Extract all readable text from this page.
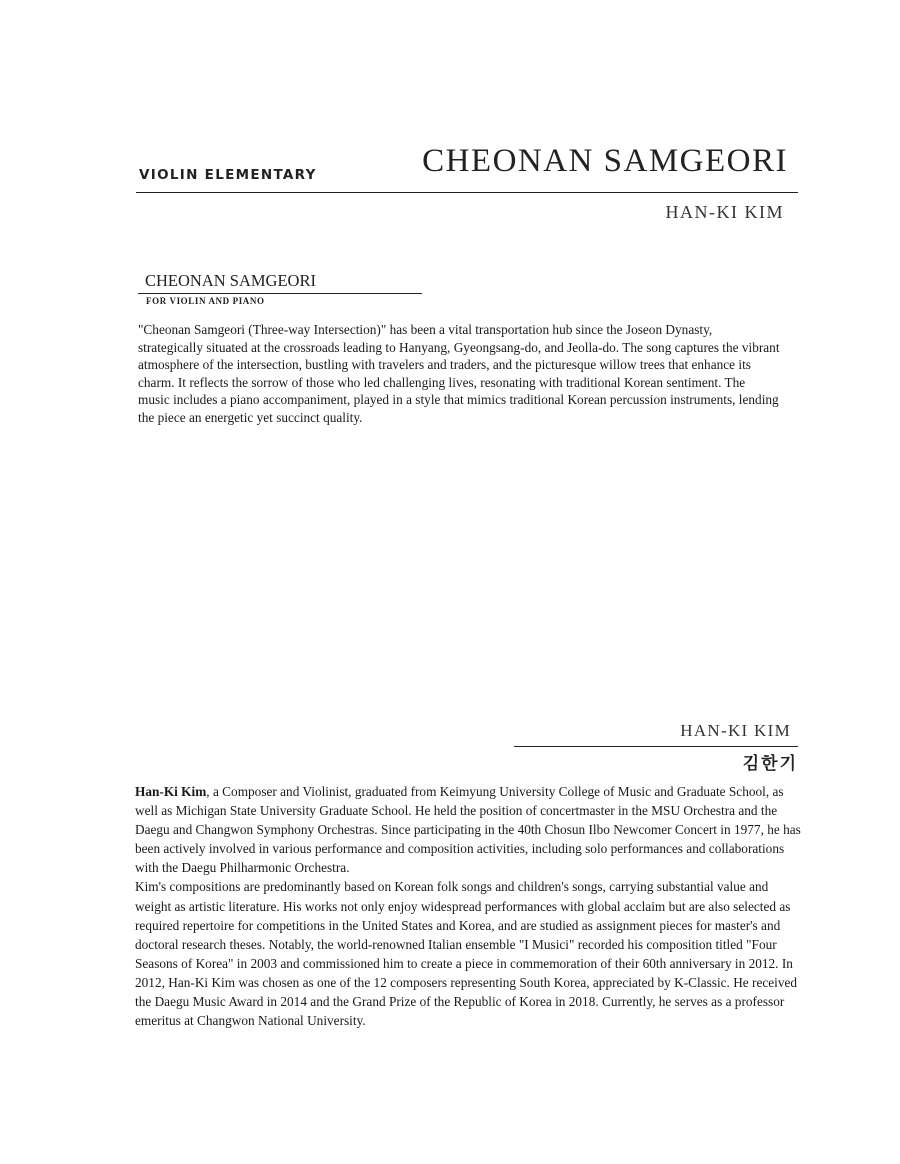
VIOLIN ELEMENTARY	CHEONAN SAMGEORI
HAN-KI KIM
CHEONAN SAMGEORI
FOR VIOLIN AND PIANO

"Cheonan Samgeori (Three-way Intersection)" has been a vital transportation hub since the Joseon Dynasty, strategically situated at the crossroads leading to Hanyang, Gyeongsang-do, and Jeolla-do. The song captures the vibrant atmosphere of the intersection, bustling with travelers and traders, and the picturesque willow trees that enhance its charm. It reflects the sorrow of those who led challenging lives, resonating with traditional Korean sentiment. The music includes a piano accompaniment, played in a style that mimics traditional Korean percussion instruments, lending the piece an energetic yet succinct quality.

HAN-KI KIM
김한기

Han-Ki Kim, a Composer and Violinist, graduated from Keimyung University College of Music and Graduate School, as well as Michigan State University Graduate School. He held the position of concertmaster in the MSU Orchestra and the Daegu and Changwon Symphony Orchestras. Since participating in the 40th Chosun Ilbo Newcomer Concert in 1977, he has been actively involved in various performance and composition activities, including solo performances and collaborations with the Daegu Philharmonic Orchestra.

Kim's compositions are predominantly based on Korean folk songs and children's songs, carrying substantial value and weight as artistic literature. His works not only enjoy widespread performances with global acclaim but are also selected as required repertoire for competitions in the United States and Korea, and are studied as assignment pieces for master's and doctoral research theses. Notably, the world-renowned Italian ensemble "I Musici" recorded his composition titled "Four Seasons of Korea" in 2003 and commissioned him to create a piece in commemoration of their 60th anniversary in 2012. In 2012, Han-Ki Kim was chosen as one of the 12 composers representing South Korea, appreciated by K-Classic. He received the Daegu Music Award in 2014 and the Grand Prize of the Republic of Korea in 2018. Currently, he serves as a professor emeritus at Changwon National University.
